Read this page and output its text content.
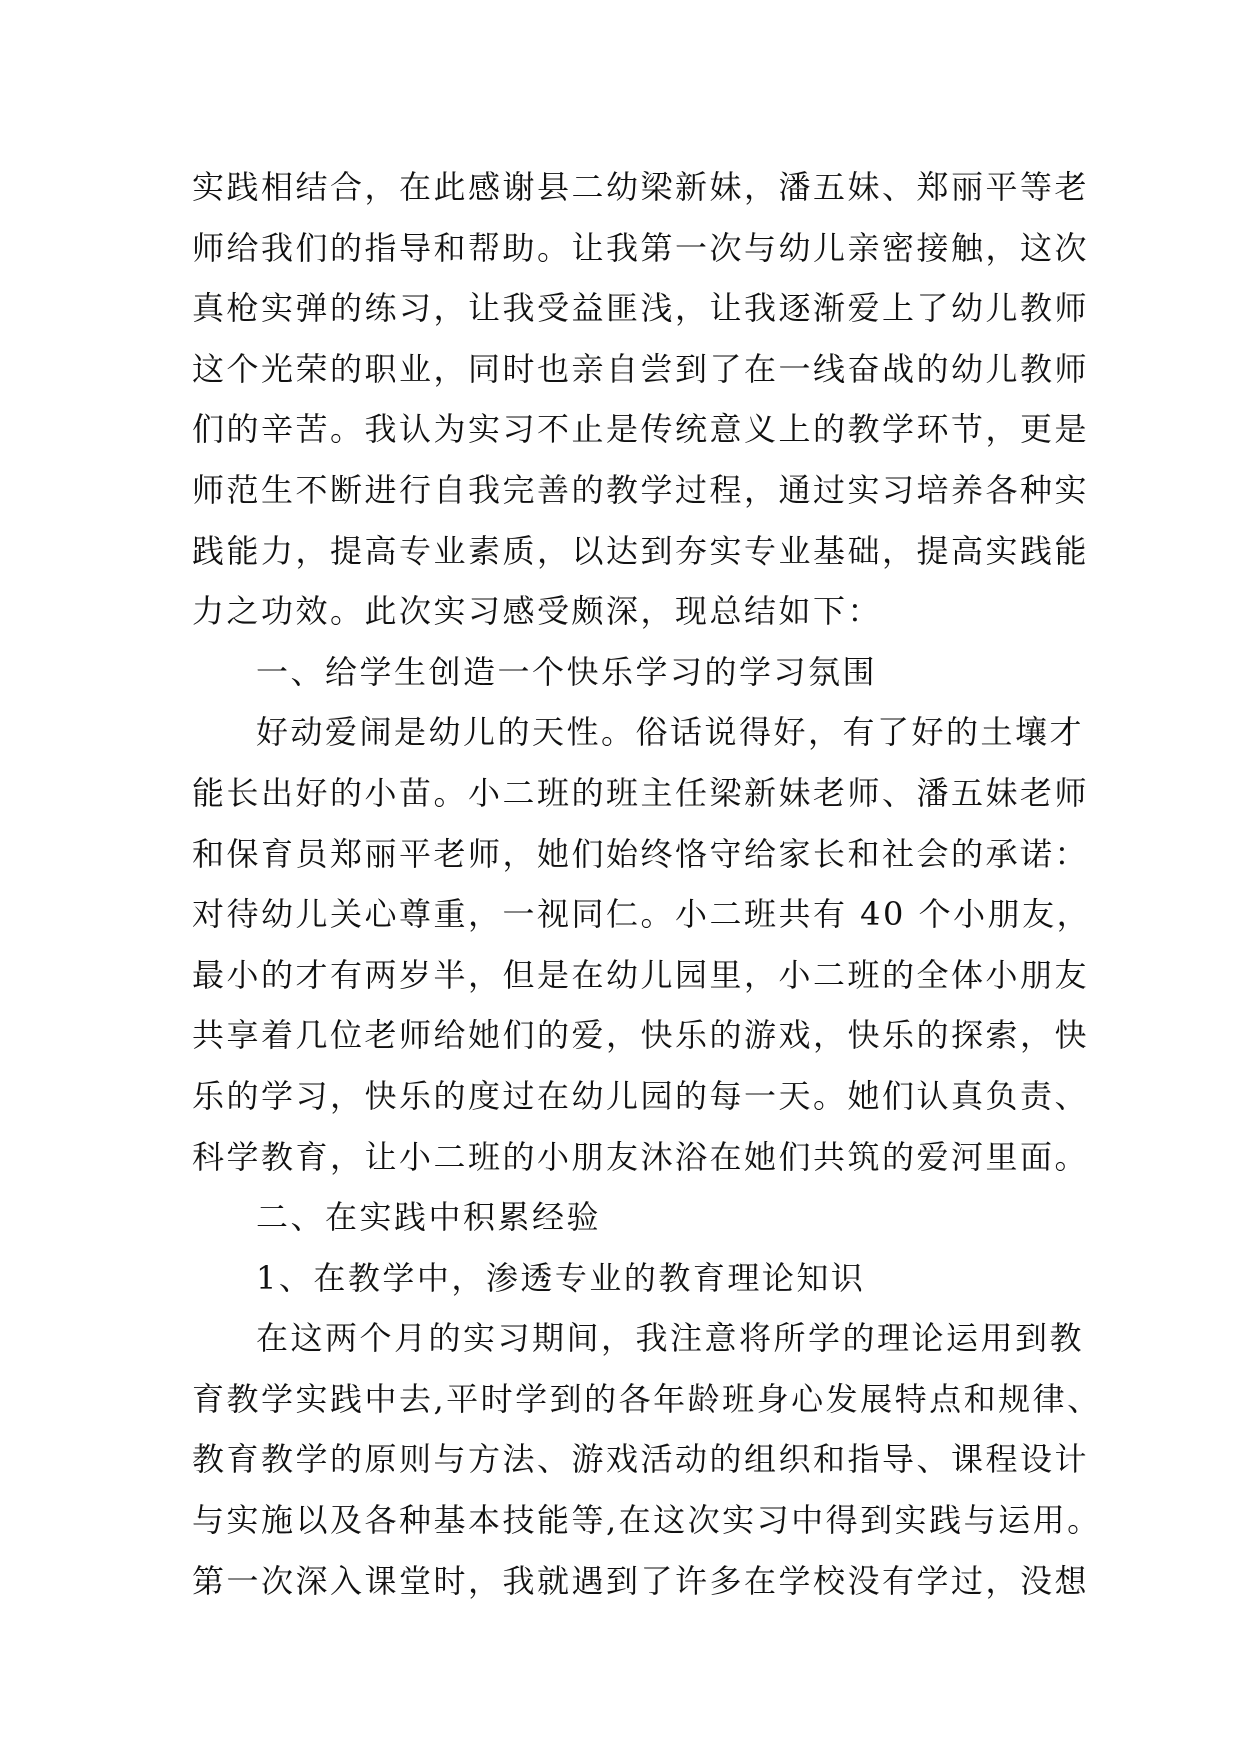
实践相结合，在此感谢县二幼梁新妹，潘五妹、郑丽平等老
师给我们的指导和帮助。让我第一次与幼儿亲密接触，这次
真枪实弹的练习，让我受益匪浅，让我逐渐爱上了幼儿教师
这个光荣的职业，同时也亲自尝到了在一线奋战的幼儿教师
们的辛苦。我认为实习不止是传统意义上的教学环节，更是
师范生不断进行自我完善的教学过程，通过实习培养各种实
践能力，提高专业素质，以达到夯实专业基础，提高实践能
力之功效。此次实习感受颇深，现总结如下：
一、给学生创造一个快乐学习的学习氛围
好动爱闹是幼儿的天性。俗话说得好，有了好的土壤才
能长出好的小苗。小二班的班主任梁新妹老师、潘五妹老师
和保育员郑丽平老师，她们始终恪守给家长和社会的承诺：
对待幼儿关心尊重，一视同仁。小二班共有 40 个小朋友，
最小的才有两岁半，但是在幼儿园里，小二班的全体小朋友
共享着几位老师给她们的爱，快乐的游戏，快乐的探索，快
乐的学习，快乐的度过在幼儿园的每一天。她们认真负责、
科学教育，让小二班的小朋友沐浴在她们共筑的爱河里面。
二、在实践中积累经验
1、在教学中，渗透专业的教育理论知识
在这两个月的实习期间，我注意将所学的理论运用到教
育教学实践中去,平时学到的各年龄班身心发展特点和规律、
教育教学的原则与方法、游戏活动的组织和指导、课程设计
与实施以及各种基本技能等,在这次实习中得到实践与运用。
第一次深入课堂时，我就遇到了许多在学校没有学过，没想
